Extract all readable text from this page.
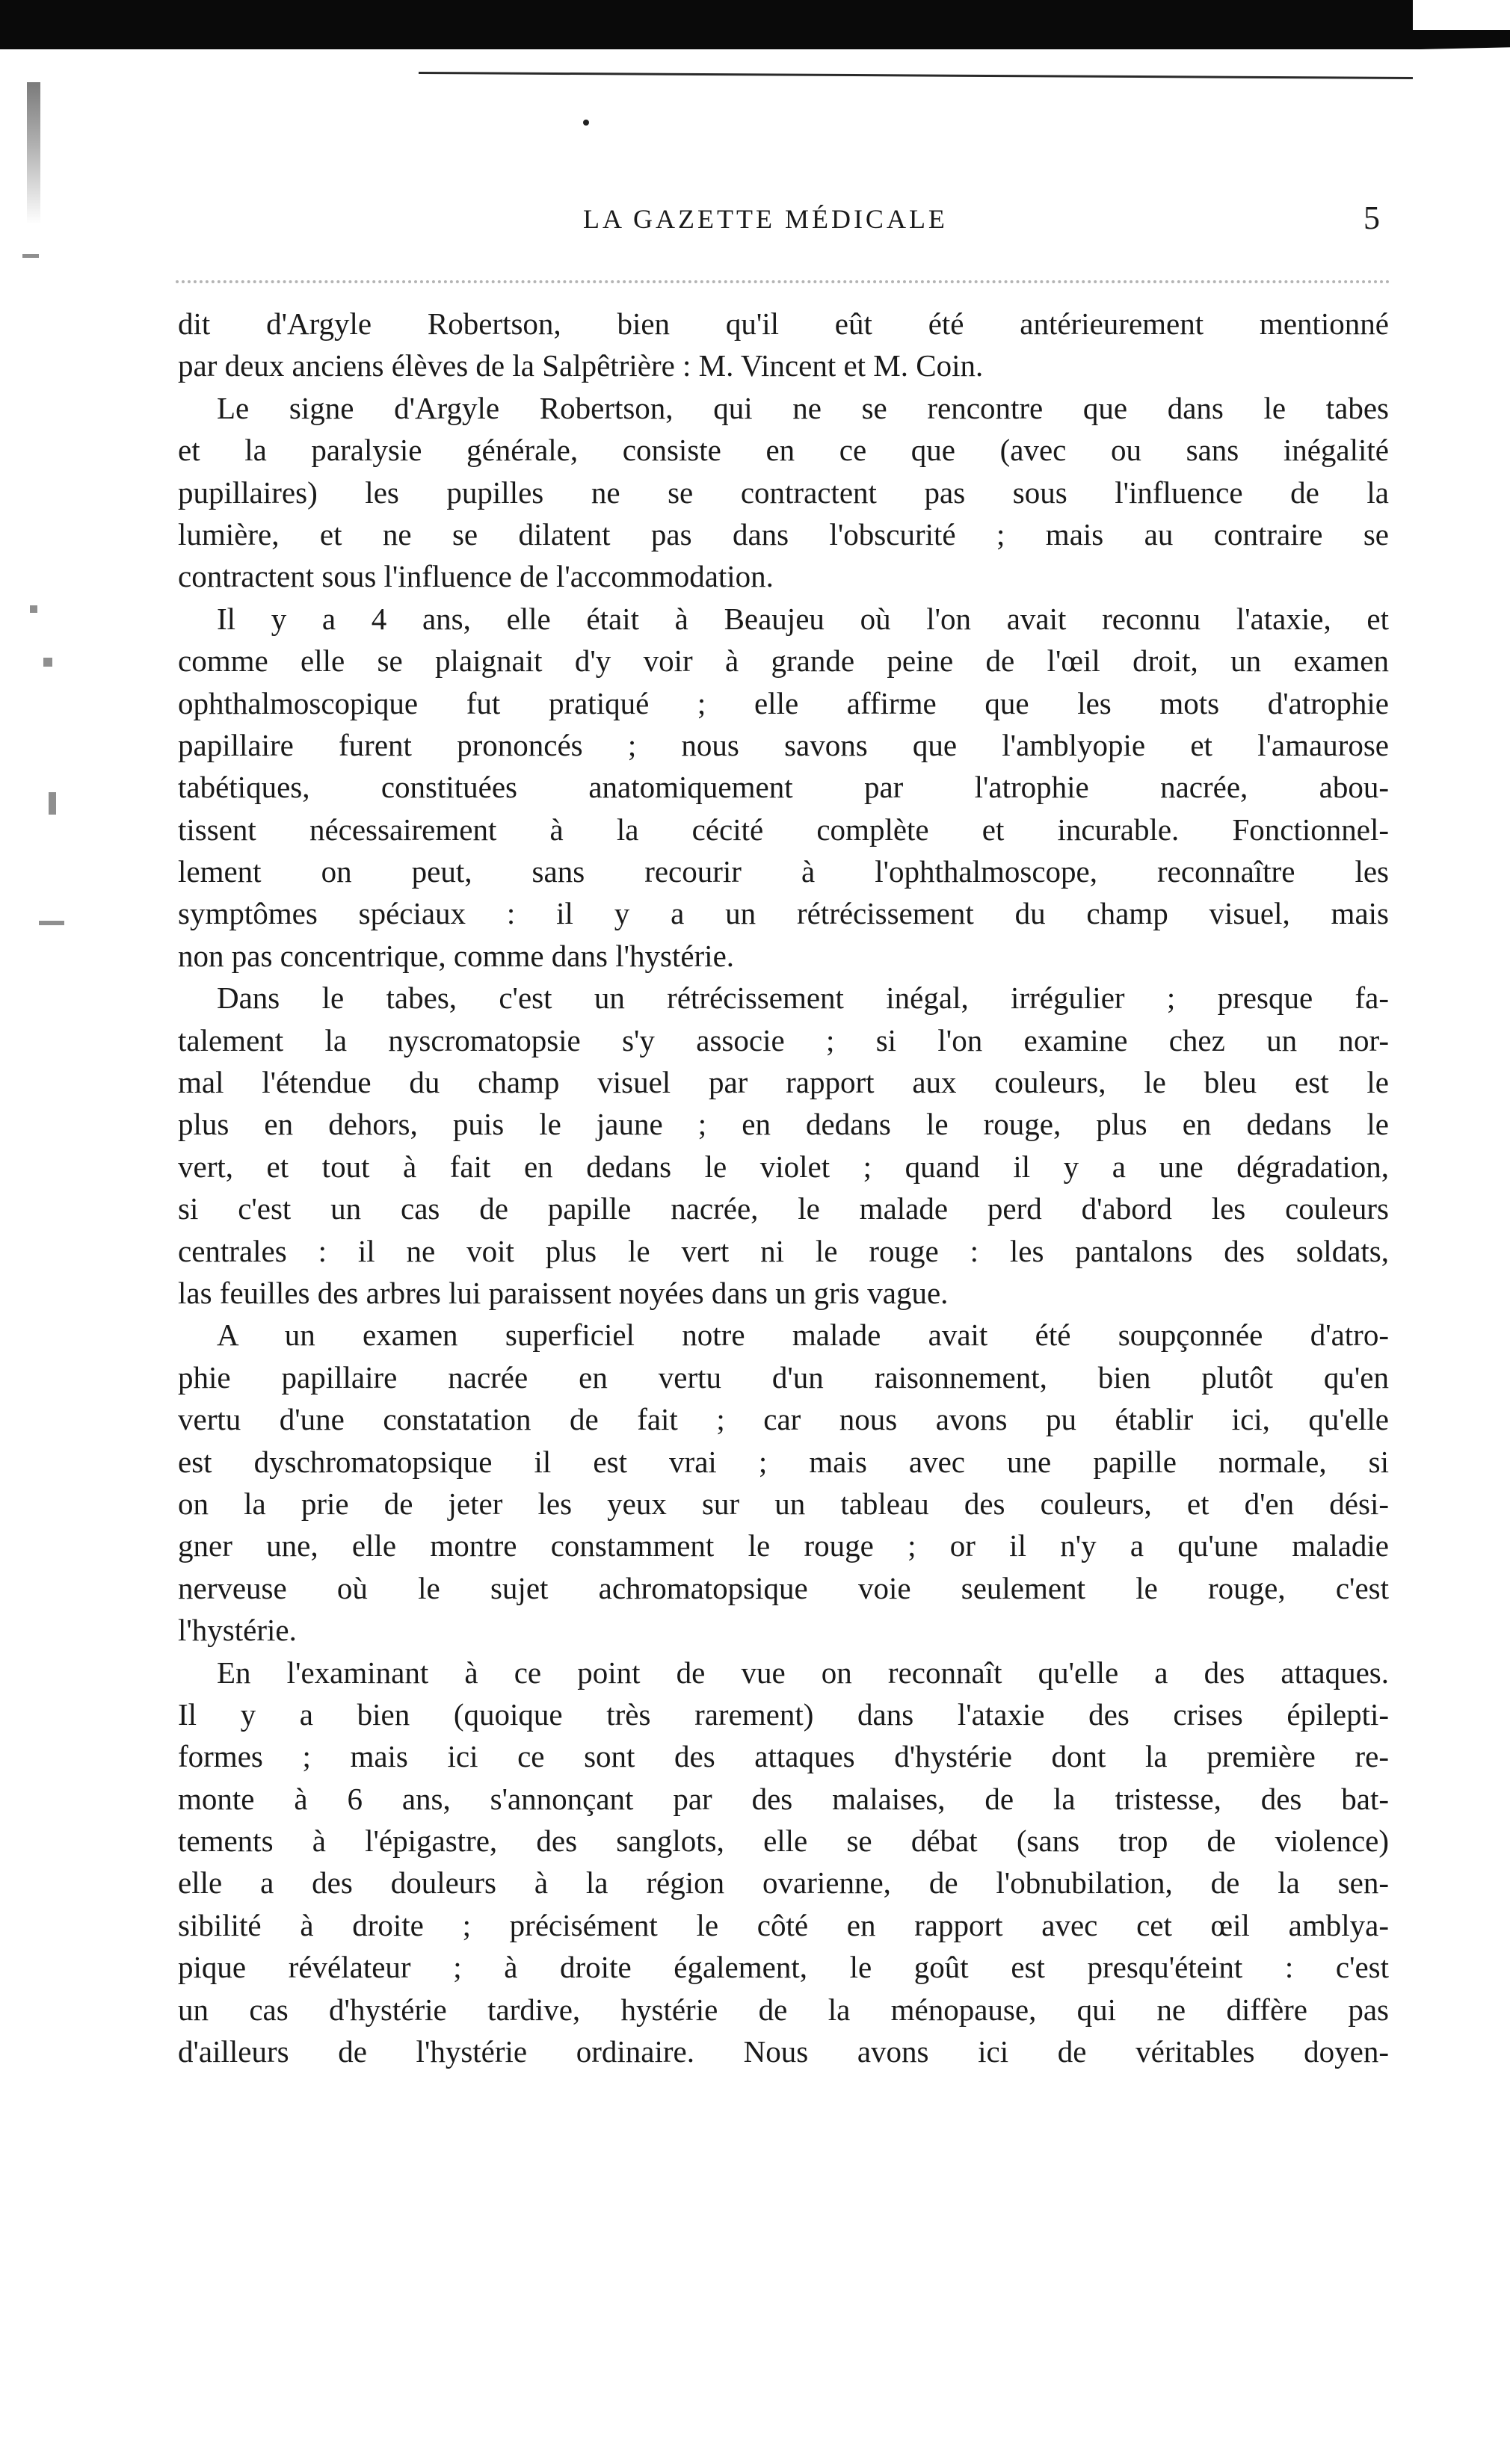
LA GAZETTE MÉDICALE	5
dit d'Argyle Robertson, bien qu'il eût été antérieurement mentionné
par deux anciens élèves de la Salpêtrière : M. Vincent et M. Coin.
Le signe d'Argyle Robertson, qui ne se rencontre que dans le tabes
et la paralysie générale, consiste en ce que (avec ou sans inégalité
pupillaires) les pupilles ne se contractent pas sous l'influence de la
lumière, et ne se dilatent pas dans l'obscurité ; mais au contraire se
contractent sous l'influence de l'accommodation.
Il y a 4 ans, elle était à Beaujeu où l'on avait reconnu l'ataxie, et
comme elle se plaignait d'y voir à grande peine de l'œil droit, un examen
ophthalmoscopique fut pratiqué ; elle affirme que les mots d'atrophie
papillaire furent prononcés ; nous savons que l'amblyopie et l'amaurose
tabétiques, constituées anatomiquement par l'atrophie nacrée, abou-
tissent nécessairement à la cécité complète et incurable. Fonctionnel-
lement on peut, sans recourir à l'ophthalmoscope, reconnaître les
symptômes spéciaux : il y a un rétrécissement du champ visuel, mais
non pas concentrique, comme dans l'hystérie.
Dans le tabes, c'est un rétrécissement inégal, irrégulier ; presque fa-
talement la nyscromatopsie s'y associe ; si l'on examine chez un nor-
mal l'étendue du champ visuel par rapport aux couleurs, le bleu est le
plus en dehors, puis le jaune ; en dedans le rouge, plus en dedans le
vert, et tout à fait en dedans le violet ; quand il y a une dégradation,
si c'est un cas de papille nacrée, le malade perd d'abord les couleurs
centrales : il ne voit plus le vert ni le rouge : les pantalons des soldats,
las feuilles des arbres lui paraissent noyées dans un gris vague.
A un examen superficiel notre malade avait été soupçonnée d'atro-
phie papillaire nacrée en vertu d'un raisonnement, bien plutôt qu'en
vertu d'une constatation de fait ; car nous avons pu établir ici, qu'elle
est dyschromatopsique il est vrai ; mais avec une papille normale, si
on la prie de jeter les yeux sur un tableau des couleurs, et d'en dési-
gner une, elle montre constamment le rouge ; or il n'y a qu'une maladie
nerveuse où le sujet achromatopsique voie seulement le rouge, c'est
l'hystérie.
En l'examinant à ce point de vue on reconnaît qu'elle a des attaques.
Il y a bien (quoique très rarement) dans l'ataxie des crises épilepti-
formes ; mais ici ce sont des attaques d'hystérie dont la première re-
monte à 6 ans, s'annonçant par des malaises, de la tristesse, des bat-
tements à l'épigastre, des sanglots, elle se débat (sans trop de violence)
elle a des douleurs à la région ovarienne, de l'obnubilation, de la sen-
sibilité à droite ; précisément le côté en rapport avec cet œil amblya-
pique révélateur ; à droite également, le goût est presqu'éteint : c'est
un cas d'hystérie tardive, hystérie de la ménopause, qui ne diffère pas
d'ailleurs de l'hystérie ordinaire. Nous avons ici de véritables doyen-
